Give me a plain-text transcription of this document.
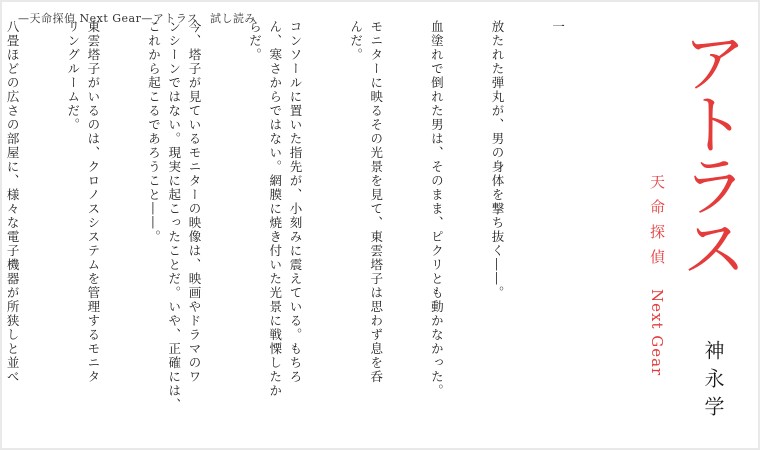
—天命探偵 Next Gear—アトラス　試し読み

一

放たれた弾丸が、男の身体を撃ち抜く――。

血塗れで倒れた男は、そのまま、ピクリとも動かなかった。

モニターに映るその光景を見て、東雲塔子は思わず息を呑
んだ。

コンソールに置いた指先が、小刻みに震えている。もちろ
ん、寒さからではない。網膜に焼き付いた光景に戦慄したか
らだ。

今、塔子が見ているモニターの映像は、映画やドラマのワ
ンシーンではない。現実に起こったことだ。いや、正確には、
これから起こるであろうこと――。

東雲塔子がいるのは、クロノスシステムを管理するモニタ
リングルームだ。

八畳ほどの広さの部屋に、様々な電子機器が所狭しと並べ

	アトラス
天命探偵 Next Gear
神永学
